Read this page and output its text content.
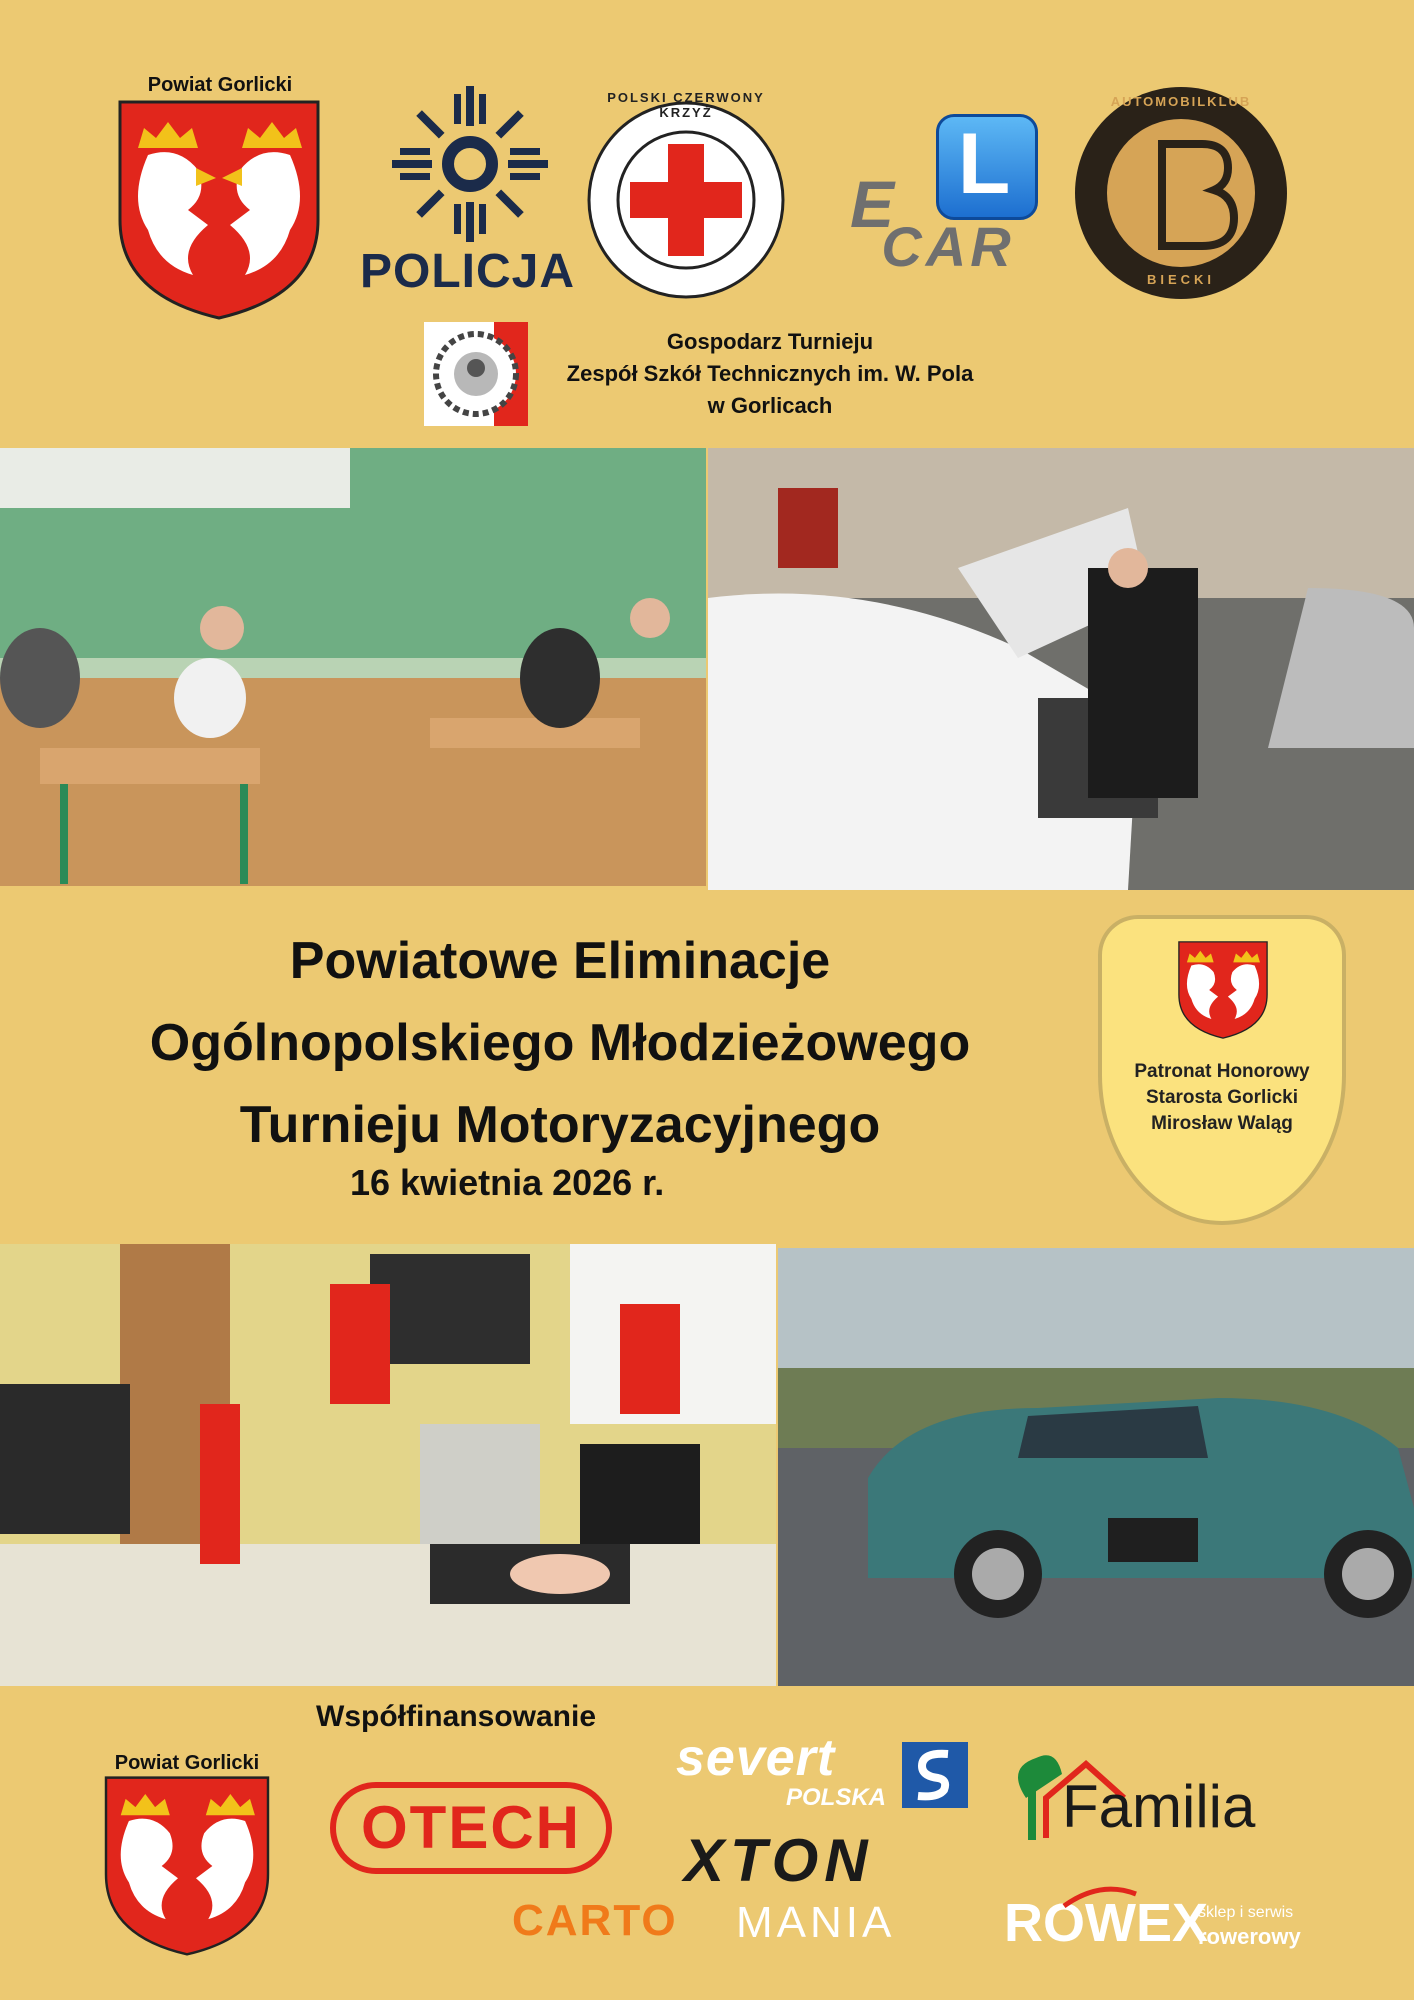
Powiat Gorlicki
POLICJA
POLSKI CZERWONY KRZYŻ
L
E
CAR
AUTOMOBILKLUB
BIECKI
Gospodarz Turnieju
Zespół Szkół Technicznych im. W. Pola
w Gorlicach
Powiatowe Eliminacje
Ogólnopolskiego Młodzieżowego
Turnieju Motoryzacyjnego
16 kwietnia 2026 r.
Patronat Honorowy
Starosta Gorlicki
Mirosław Waląg
Współfinansowanie
Powiat Gorlicki
OTECH
severt
POLSKA
XTON
Familia
CARTO MANIA ROWEX
sklep i serwis
rowerowy
